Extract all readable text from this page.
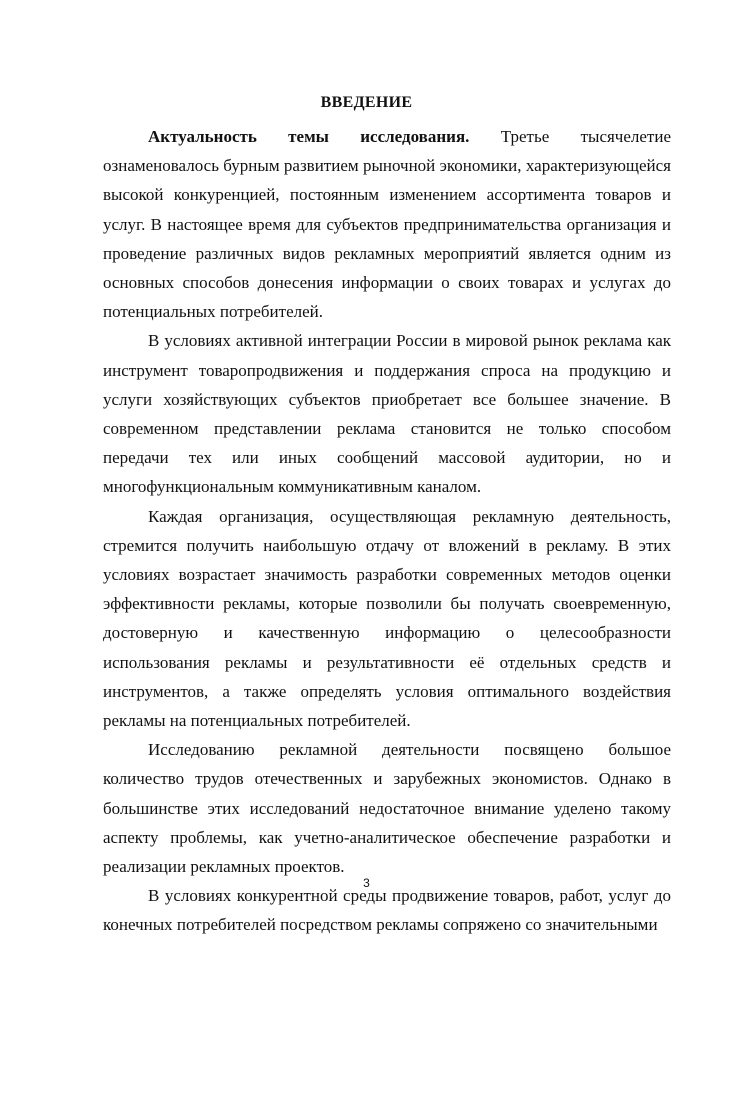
ВВЕДЕНИЕ

Актуальность темы исследования. Третье тысячелетие ознаменовалось бурным развитием рыночной экономики, характеризующейся высокой конкуренцией, постоянным изменением ассортимента товаров и услуг. В настоящее время для субъектов предпринимательства организация и проведение различных видов рекламных мероприятий является одним из основных способов донесения информации о своих товарах и услугах до потенциальных потребителей.

В условиях активной интеграции России в мировой рынок реклама как инструмент товаропродвижения и поддержания спроса на продукцию и услуги хозяйствующих субъектов приобретает все большее значение. В современном представлении реклама становится не только способом передачи тех или иных сообщений массовой аудитории, но и многофункциональным коммуникативным каналом.

Каждая организация, осуществляющая рекламную деятельность, стремится получить наибольшую отдачу от вложений в рекламу. В этих условиях возрастает значимость разработки современных методов оценки эффективности рекламы, которые позволили бы получать своевременную, достоверную и качественную информацию о целесообразности использования рекламы и результативности её отдельных средств и инструментов, а также определять условия оптимального воздействия рекламы на потенциальных потребителей.

Исследованию рекламной деятельности посвящено большое количество трудов отечественных и зарубежных экономистов. Однако в большинстве этих исследований недостаточное внимание уделено такому аспекту проблемы, как учетно-аналитическое обеспечение разработки и реализации рекламных проектов.

В условиях конкурентной среды продвижение товаров, работ, услуг до конечных потребителей посредством рекламы сопряжено со значительными

3
